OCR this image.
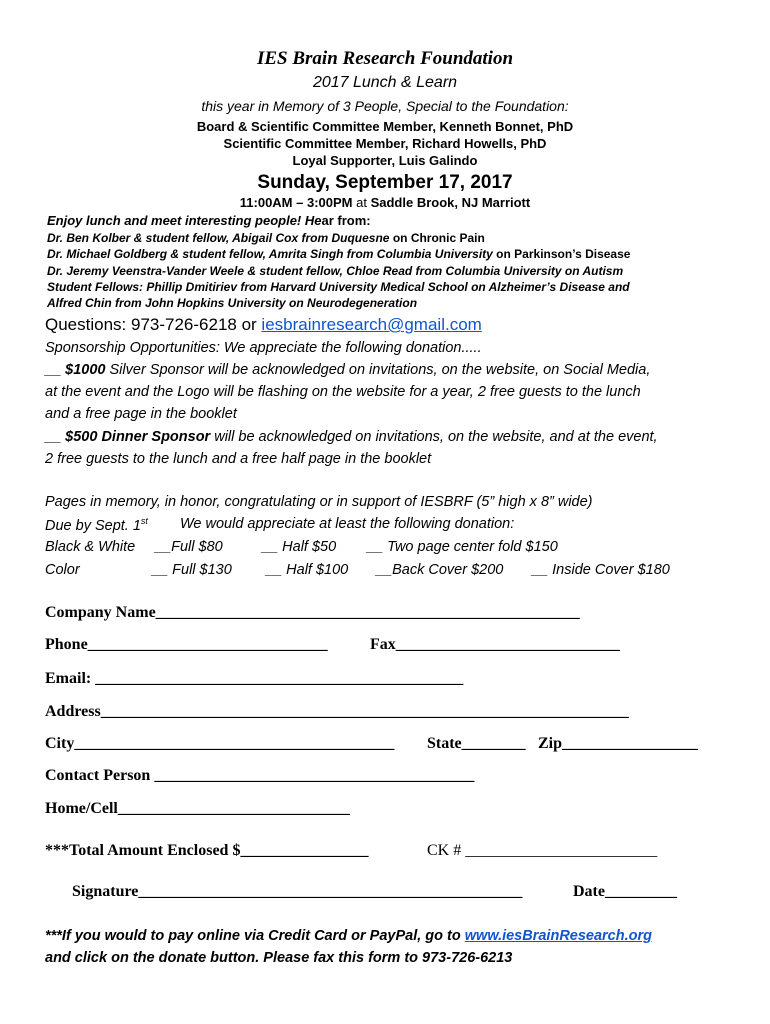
IES Brain Research Foundation
2017 Lunch & Learn
this year in Memory of 3 People, Special to the Foundation:
Board & Scientific Committee Member, Kenneth Bonnet, PhD
Scientific Committee Member, Richard Howells, PhD
Loyal Supporter, Luis Galindo
Sunday, September 17, 2017
11:00AM – 3:00PM at Saddle Brook, NJ Marriott
Enjoy lunch and meet interesting people! Hear from:
Dr. Ben Kolber & student fellow, Abigail Cox from Duquesne on Chronic Pain
Dr. Michael Goldberg & student fellow, Amrita Singh from Columbia University on Parkinson’s Disease
Dr. Jeremy Veenstra-Vander Weele & student fellow, Chloe Read from Columbia University on Autism
Student Fellows: Phillip Dmitiriev from Harvard University Medical School on Alzheimer’s Disease and
Alfred Chin from John Hopkins University on Neurodegeneration
Questions: 973-726-6218 or iesbrainresearch@gmail.com
Sponsorship Opportunities: We appreciate the following donation.....
__ $1000 Silver Sponsor will be acknowledged on invitations, on the website, on Social Media,
at the event and the Logo will be flashing on the website for a year, 2 free guests to the lunch
and a free page in the booklet
__ $500 Dinner Sponsor will be acknowledged on invitations, on the website, and at the event,
2 free guests to the lunch and a free half page in the booklet
Pages in memory, in honor, congratulating or in support of IESBRF (5” high x 8” wide)
Due by Sept. 1st We would appreciate at least the following donation:
Black & White __Full $80	__ Half $50 __ Two page center fold $150
Color	__ Full $130 __ Half $100 __Back Cover $200 __ Inside Cover $180
Company Name_____________________________________________________
Phone______________________________	Fax____________________________
Email: ______________________________________________
Address__________________________________________________________________
City________________________________________ State________ Zip_________________
Contact Person ________________________________________
Home/Cell_____________________________
***Total Amount Enclosed $________________	CK # ________________________
Signature________________________________________________	Date_________
***If you would to pay online via Credit Card or PayPal, go to www.iesBrainResearch.org
and click on the donate button. Please fax this form to 973-726-6213
